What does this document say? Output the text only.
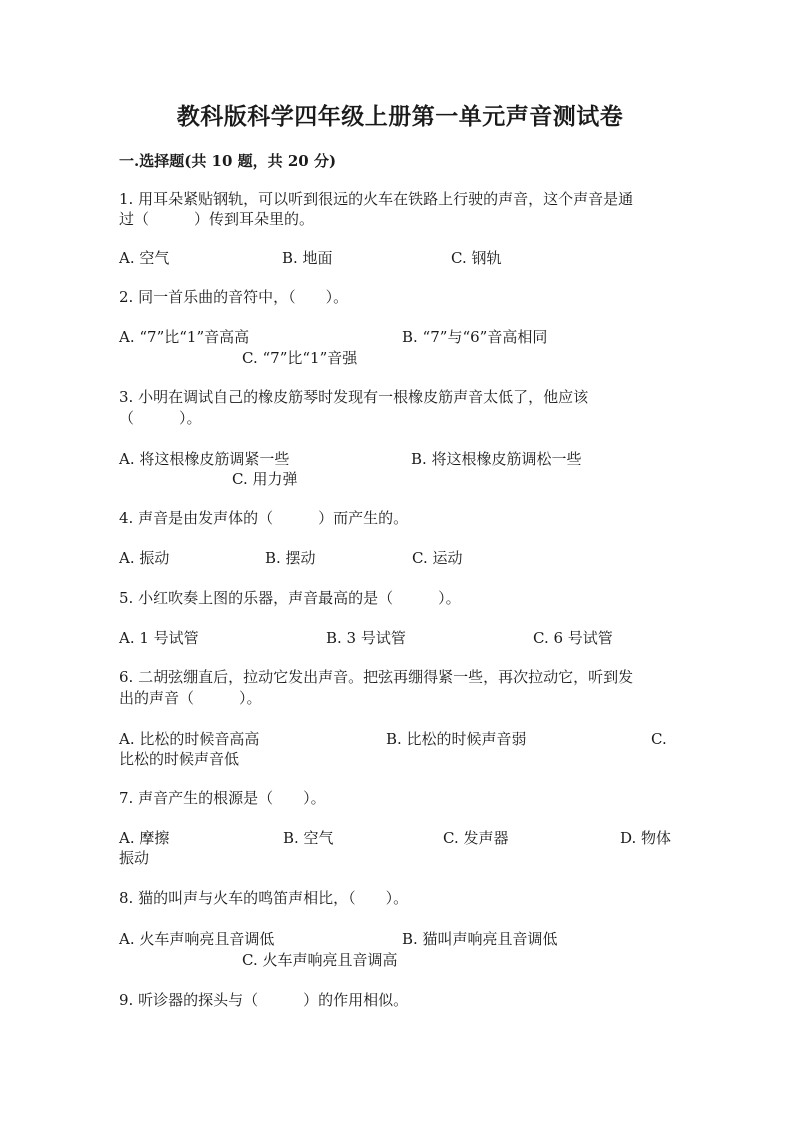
教科版科学四年级上册第一单元声音测试卷
一.选择题(共 10 题，共 20 分)
1. 用耳朵紧贴钢轨，可以听到很远的火车在铁路上行驶的声音，这个声音是通
过（　　　）传到耳朵里的。
A. 空气	B. 地面	C. 钢轨
2. 同一首乐曲的音符中，（　　）。
A. “7”比“1”音高高	B. “7”与“6”音高相同
C. “7”比“1”音强
3. 小明在调试自己的橡皮筋琴时发现有一根橡皮筋声音太低了，他应该
（　　　）。
A. 将这根橡皮筋调紧一些	B. 将这根橡皮筋调松一些
C. 用力弹
4. 声音是由发声体的（　　　）而产生的。
A. 振动	B. 摆动	C. 运动
5. 小红吹奏上图的乐器，声音最高的是（　　　）。
A. 1 号试管	B. 3 号试管	C. 6 号试管
6. 二胡弦绷直后，拉动它发出声音。把弦再绷得紧一些，再次拉动它，听到发
出的声音（　　　）。
A. 比松的时候音高高	B. 比松的时候声音弱	C.
比松的时候声音低
7. 声音产生的根源是（　　）。
A. 摩擦	B. 空气	C. 发声器	D. 物体
振动
8. 猫的叫声与火车的鸣笛声相比，（　　）。
A. 火车声响亮且音调低	B. 猫叫声响亮且音调低
C. 火车声响亮且音调高
9. 听诊器的探头与（　　　）的作用相似。
